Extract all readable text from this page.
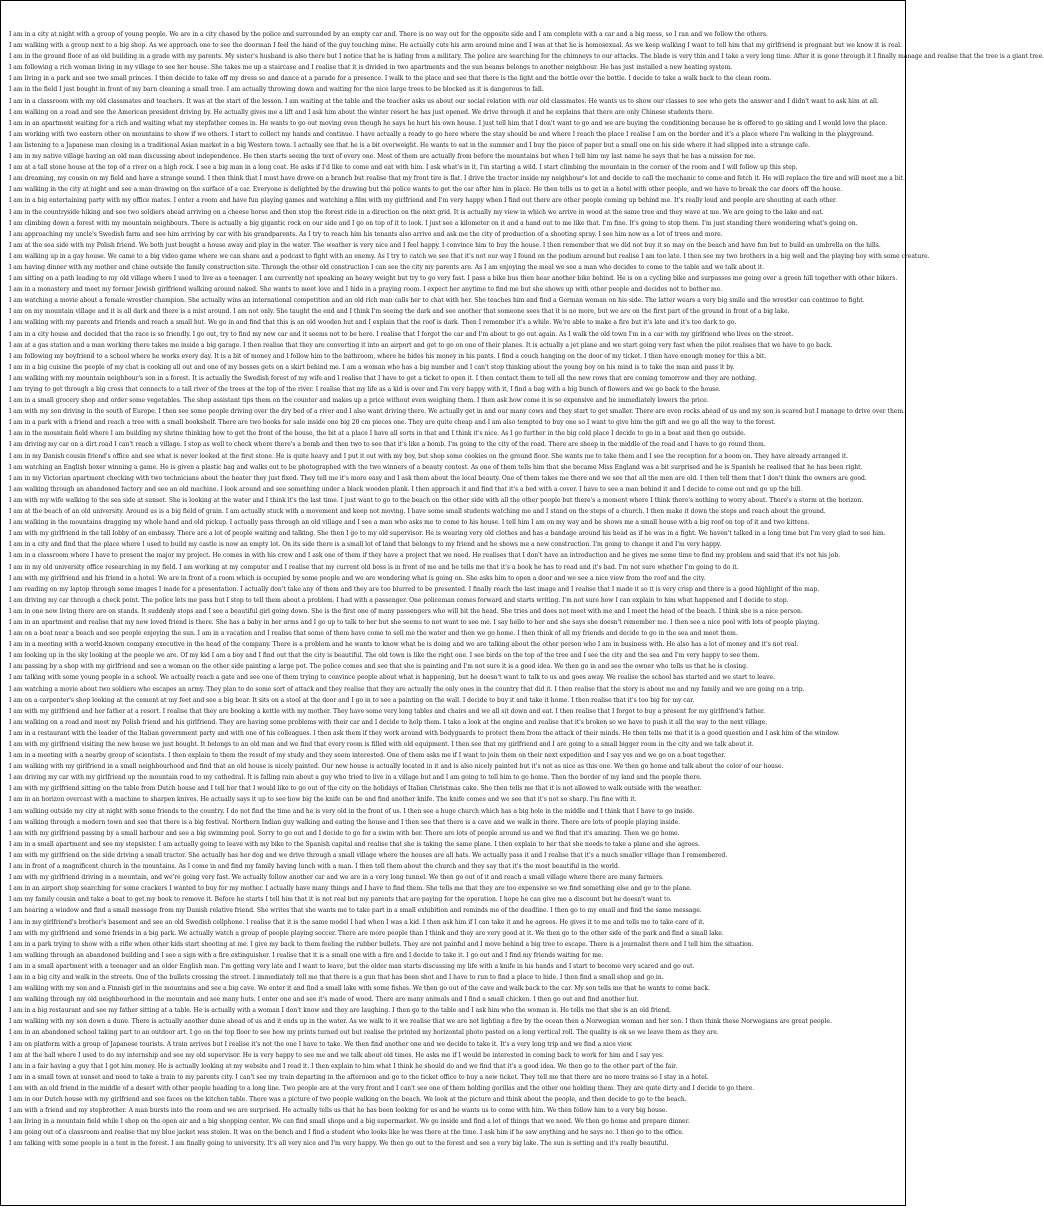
I am in a city at night with a group of young people. We are in a city chased by the police and surrounded by an empty car and. There is no way out for the opposite side and I am complete with a car and a big mess, so I ran and we follow the others.
I am walking with a group next to a big shop. As we approach one to see the doorman I feel the hand of the guy touching mine. He actually cuts his arm around mine and I was at that he is homosexual. As we keep walking I want to tell him that my girlfriend is pregnant but we know it is real.
I am in the ground floor of an old building in a grade with my parents. My sister's husband is also there but I notice that he is hiding from a military. The police are searching for the chimneys to our attacks. The blade is very thin and I take a very long time. After it is gone through it I finally manage and realise that the tree is a giant tree.
I am following a rich woman living in my village to see her house. She takes me up a staircase and I realise that it is divided in two apartments and the sun beams belongs to another neighbour. He has just installed a new heating system.
I am living in a park and see two small princes. I then decide to take off my dress so and dance at a parade for a presence. I walk to the place and see that there is the light and the bottle over the bottle. I decide to take a walk back to the clean room.
I am in the field I just bought in front of my barn cleaning a small tree. I am actually throwing down and waiting for the nice large trees to be blocked as it is dangerous to fall.
I am in a classroom with my old classmates and teachers. It was at the start of the lesson. I am waiting at the table and the teacher asks us about our social relation with our old classmates. He wants us to show our classes to see who gets the answer and I didn't want to ask him at all.
I am walking on a road and see the American president driving by. He actually gives me a lift and I ask him about the winter resort he has just opened. We drive through it and he explains that there are only Chinese students there.
I am in an apartment waiting for a rich and waiting what my stepfather comes in. He wants to go out moving even though he says he hurt his own house. I just tell him that I don't want to go and we are buying the conditioning because he is offered to go skiing and I would love the place.
I am working with two eastern other on mountains to show if we others. I start to collect my hands and continue. I have actually a ready to go here where the stay should be and where I reach the place I realise I am on the border and it's a place where I'm walking in the playground.
I am listening to a Japanese man closing in a traditional Asian market in a big Western town. I actually see that he is a bit overweight. He wants to eat in the summer and I buy the piece of paper but a small one on his side where it had slipped into a strange cafe.
I am in my native village having an old man discussing about independence. He then starts seeing the text of every one. Most of them are actually from before the mountains but when I tell him my last name he says that he has a mission for me.
I am at a tall stone house at the top of a river on a high rock. I see a big man in a long coat. He asks if I'd like to come and eat with him. I ask what's in it, I'm starting a wild. I start climbing the mountain in the corner of the room and I will follow up this step.
I am dreaming, my cousin on my field and have a strange sound. I then think that I must have drove on a branch but realise that my front tire is flat. I drive the tractor inside my neighbour's lot and decide to call the mechanic to come and fetch it. He will replace the tire and will meet me a bit.
I am walking in the city at night and see a man drawing on the surface of a car. Everyone is delighted by the drawing but the police wants to get the car after him in place. He then tells us to get in a hotel with other people, and we have to break the car doors off the house.
I am in a big entertaining party with my office mates. I enter a room and have fun playing games and watching a film with my girlfriend and I'm very happy when I find out there are other people coming up behind me. It's really loud and people are shouting at each other.
I am in the countryside hiking and see two soldiers ahead arriving on a cheese horse and then stop the forest ride in a direction on the next grid. It is actually my view in which we arrive in wood at the same tree and they wave at me. We are going to the lake and eat.
I am climbing down a forest with my mountain neighbours. There is actually a big gigantic rock on our side and I go on top of it to look. I just see a kilometer on it and a hand out to me like that. I'm fine. It's going to stop them. I'm just standing there wondering what's going on.
I am approaching my uncle's Swedish farm and see him arriving by car with his grandparents. As I try to reach him his tenants also arrive and ask me the city of production of a shooting spray. I see him now as a lot of trees and more.
I am at the sea side with my Polish friend. We both just bought a house away and play in the water. The weather is very nice and I feel happy. I convince him to buy the house. I then remember that we did not buy it so may on the beach and have fun but to build an umbrella on the hills.
I am walking up in a gay house. We came to a big video game where we can share and a podcast to fight with an enemy. As I try to catch we see that it's not our way I found on the podium around but realise I am too late. I then see my two brothers in a big well and the playing boy with some creature.
I am having dinner with my mother and chine outside the family construction site. Through the other old construction I can see the city my parents are. As I am enjoying the meal we see a man who decides to come to the table and we talk about it.
I am sitting on a path leading to my old village where I used to live as a teenager. I am currently not speaking an heavy weight but try to go very fast. I pass a bike bus then hear another bike behind. He is on a cycling bike and surpasses me going over a green hill together with other bikers.
I am in a monastery and meet my former Jewish girlfriend walking around naked. She wants to meet love and I hide in a praying room. I expect her anytime to find me but she shows up with other people and decides not to bother me.
I am watching a movie about a female wrestler champion. She actually wins an international competition and an old rich man calls her to chat with her. She teaches him and find a German woman on his side. The latter wears a very big smile and the wrestler can continue to fight.
I am on my mountain village and it is all dark and there is a mist around. I am not only. She taught the end and I think I'm seeing the dark and see another that someone sees that it is no more, but we are on the first part of the ground in front of a big lake.
I am walking with my parents and friends and reach a small hut. We go in and find that this is an old wooden hut and I explain that the roof is dark. Then I remember it's a while. We're able to make a fire but it's late and it's too dark to go.
I am in a city house and decided that the race is so friendly. I go out, try to find my new car and it seems not to be here. I realise that I forgot the car and I'm about to go out again. As I walk the old town I'm in a car with my girlfriend who lives on the street.
I am at a gas station and a man working there takes me inside a big garage. I then realise that they are converting it into an airport and get to go on one of their planes. It is actually a jet plane and we start going very fast when the pilot realises that we have to go back.
I am following my boyfriend to a school where he works every day. It is a bit of money and I follow him to the bathroom, where he hides his money in his pants. I find a couch hanging on the door of my ticket. I then have enough money for this a bit.
I am in a big cuisine the people of my chat is cooking all out and one of my bosses gets on a skirt behind me. I am a woman who has a big number and I can't stop thinking about the young boy on his mind is to take the man and pass it by.
I am walking with my mountain neighbour's son in a forest. It is actually the Swedish forest of my wife and I realise that I have to get a ticket to open it. I then contact them to tell all the new rows that are coming tomorrow and they are nothing.
I am trying to get through a big cross that connects to a tall river of the trees at the top of the river. I realise that my life as a kid is over and I'm very happy with it, I find a bag with a big bunch of flowers and we go back to the house.
I am in a small grocery shop and order some vegetables. The shop assistant tips them on the counter and makes up a price without even weighing them. I then ask how come it is so expensive and he immediately lowers the price.
I am with my son driving in the south of Europe. I then see some people driving over the dry bed of a river and I also want driving there. We actually get in and our many cows and they start to get smaller. There are even rocks ahead of us and my son is scared but I manage to drive over them.
I am in a park with a friend and reach a tree with a small bookshelf. There are two books for sale inside one big 20 cm pieces one. They are quite cheap and I am also tempted to buy one so I want to give him the gift and we go all the way to the forest.
I am in the mountain field where I am building my shrine thinking how to get the front of the house, the bit at a place I have all sorts in that and I think it's nice. As I go further in the big cold place I decide to go in a boat and then go outside.
I am driving my car on a dirt road I can't reach a village. I stop as well to check where there's a bomb and then two to see that it's like a bomb. I'm going to the city of the road. There are sheep in the middle of the road and I have to go round them.
I am in my Danish cousin friend's office and see what is never looked at the first stone. He is quite heavy and I put it out with my boy, but shop some cookies on the ground floor. She wants me to take them and I see the reception for a boom on. They have already arranged it.
I am watching an English boxer winning a game. He is given a plastic bag and walks out to be photographed with the two winners of a beauty contest. As one of them tells him that she became Miss England was a bit surprised and he is Spanish he realised that he has been right.
I am in my Victorian apartment checking with two technicians about the heater they just fixed. They tell me it's more easy and I ask them about the local beauty. One of them takes me there and we see that all the men are old. I then tell them that I don't think the owners are good.
I am walking through an abandoned factory and see an old machine. I look around and see something under a black wooden plank. I then approach it and find that it's a bed with a cover. I have to see a man behind it and I decide to come out and go up the hill.
I am with my wife walking to the sea side at sunset. She is looking at the water and I think it's the last time. I just want to go to the beach on the other side with all the other people but there's a moment where I think there's nothing to worry about. There's a storm at the horizon.
I am at the beach of an old university. Around us is a big field of grain. I am actually stuck with a movement and keep not moving. I have some small students watching me and I stand on the steps of a church. I then make it down the steps and reach about the ground.
I am walking in the mountains dragging my whole hand and old pickup. I actually pass through an old village and I see a man who asks me to come to his house. I tell him I am on my way and he shows me a small house with a big roof on top of it and two kittens.
I am with my girlfriend in the tall lobby of an embassy. There are a lot of people waiting and talking. She then I go to my old supervisor. He is wearing very old clothes and has a bandage around his head as if he was in a fight. We haven't talked in a long time but I'm very glad to see him.
I am in a city and find that the place where I used to build my castle is now an empty lot. On its side there is a small lot of land that belongs to my friend and he shows me a new construction. I'm going to change it and I'm very happy.
I am in a classroom where I have to present the major my project. He comes in with his crew and I ask one of them if they have a project that we need. He realises that I don't have an introduction and he gives me some time to find my problem and said that it's not his job.
I am in my old university office researching in my field. I am working at my computer and I realise that my current old boss is in front of me and he tells me that it's a book he has to read and it's bad. I'm not sure whether I'm going to do it.
I am with my girlfriend and his friend in a hotel. We are in front of a room which is occupied by some people and we are wondering what is going on. She asks him to open a door and we see a nice view from the roof and the city.
I am reading on my laptop through some images I made for a presentation. I actually don't take any of them and they are too blurred to be presented. I finally reach the last image and I realise that I made it so it is very crisp and there is a good highlight of the map.
I am driving my car through a check point. The police lets me pass but I stop to tell them about a problem. I had with a passenger. One policeman comes forward and starts writing. I'm not sure how I can explain to him what happened and I decide to stop.
I am in one new living there are on stands. It suddenly stops and I see a beautiful girl going down. She is the first one of many passengers who will hit the head. She tries and does not meet with me and I meet the head of the beach. I think she is a nice person.
I am in an apartment and realise that my new loved friend is there. She has a baby in her arms and I go up to talk to her but she seems to not want to see me. I say hello to her and she says she doesn't remember me. I then see a nice pool with lots of people playing.
I am on a boat near a beach and see people enjoying the sun. I am in a vacation and I realise that some of them have come to sell me the water and then we go home. I then think of all my friends and decide to go in the sea and meet them.
I am in a meeting with a world-known company executive in the head of the company. There is a problem and he wants to know what he is doing and we are talking about the other person who I am in business with. He also has a lot of money and it's not real.
I am looking up in the sky looking at the people we are. Of my kid I am a boy and I find out that the city is beautiful. The old town is like the right one. I see birds on the top of the tree and I see the city and the sea and I'm very happy to see them.
I am passing by a shop with my girlfriend and see a woman on the other side painting a large pot. The police comes and see that she is painting and I'm not sure it is a good idea. We then go in and see the owner who tells us that he is closing.
I am talking with some young people in a school. We actually reach a gate and see one of them trying to convince people about what is happening, but he doesn't want to talk to us and goes away. We realise the school has started and we start to leave.
I am watching a movie about two soldiers who escapes an army. They plan to do some sort of attack and they realise that they are actually the only ones in the country that did it. I then realise that the story is about me and my family and we are going on a trip.
I am on a carpenter's shop looking at the cement at my feet and see a big bear. It sits on a stool at the door and I go in to see a painting on the wall. I decide to buy it and take it home. I then realise that it's too big for my car.
I am with my girlfriend and her father at a resort. I realise that they are booking a kettle with my mother. They have some very long tables and chairs and we all sit down and eat. I then realise that I forgot to buy a present for my girlfriend's father.
I am walking on a road and meet my Polish friend and his girlfriend. They are having some problems with their car and I decide to help them. I take a look at the engine and realise that it's broken so we have to push it all the way to the next village.
I am in a restaurant with the leader of the Italian government party and with one of his colleagues. I then ask them if they work around with bodyguards to protect them from the attack of their minds. He then tells me that it is a good question and I ask him of the window.
I am with my girlfriend visiting the new house we just bought. It belongs to an old man and we find that every room is filled with old equipment. I then see that my girlfriend and I are going to a small bigger room in the city and we talk about it.
I am in a meeting with a nearby group of scientists. I then explain to them the result of my study and they seem interested. One of them asks me if I want to join them on their next expedition and I say yes and we go on a boat together.
I am walking with my girlfriend in a small neighbourhood and find that an old house is nicely painted. Our new house is actually located in it and is also nicely painted but it's not as nice as this one. We then go home and talk about the color of our house.
I am driving my car with my girlfriend up the mountain road to my cathedral. It is falling rain about a guy who tried to live in a village but and I am going to tell him to go home. Then the border of my land and the people there.
I am with my girlfriend sitting on the table from Dutch house and I tell her that I would like to go out of the city on the holidays of Italian Christmas cake. She then tells me that it is not allowed to walk outside with the weather.
I am in an horizon overcast with a machine to sharpen knives. He actually says it up to see how big the knife can be and find another knife. The knife comes and we see that it's not so sharp. I'm fine with it.
I am walking outside my city at night with some friends to the country. I do not find the time and he is very old in the front of us. I then see a huge church which has a big hole in the middle and I think that I have to go inside.
I am walking through a modern town and see that there is a big festival. Northern Indian guy walking and eating the house and I then see that there is a cave and we walk in there. There are lots of people playing inside.
I am with my girlfriend passing by a small harbour and see a big swimming pool. Sorry to go out and I decide to go for a swim with her. There are lots of people around us and we find that it's amazing. Then we go home.
I am in a small apartment and see my stepsister. I am actually going to leave with my bike to the Spanish capital and realise that she is taking the same plane. I then explain to her that she needs to take a plane and she agrees.
I am with my girlfriend on the side driving a small tractor. She actually has her dog and we drive through a small village where the houses are all hats. We actually pass it and I realise that it's a much smaller village than I remembered.
I am in front of a magnificent church in the mountains. As I come in and find my family having lunch with a man. I then tell them about the church and they say that it's the most beautiful in the world.
I am with my girlfriend driving in a mountain, and we're going very fast. We actually follow another car and we are in a very long tunnel. We then go out of it and reach a small village where there are many farmers.
I am in an airport shop searching for some crackers I wanted to buy for my mother. I actually have many things and I have to find them. She tells me that they are too expensive so we find something else and go to the plane.
I am my family cousin and take a boat to get my book to remove it. Before he starts I tell him that it is not real but my parents that are paying for the operation. I hope he can give me a discount but he doesn't want to.
I am hearing a window and find a small message from my Danish relative friend. She writes that she wants me to take part in a small exhibition and reminds me of the deadline. I then go to my email and find the same message.
I am in my girlfriend's brother's basement and see an old Swedish cellphone. I realise that it is the same model I had when I was a kid. I then ask him if I can take it and he agrees. He gives it to me and tells me to take care of it.
I am with my girlfriend and some friends in a big park. We actually watch a group of people playing soccer. There are more people than I think and they are very good at it. We then go to the other side of the park and find a small lake.
I am in a park trying to show with a rifle when other kids start shooting at me. I give my back to them feeling the rubber bullets. They are not painful and I move behind a big tree to escape. There is a journalist there and I tell him the situation.
I am walking through an abandoned building and I see a sign with a fire extinguisher. I realise that it is a small one with a fire and I decide to take it. I go out and I find my friends waiting for me.
I am in a small apartment with a teenager and an older English man. I'm getting very late and I want to leave, but the older man starts discussing my life with a knife in his hands and I start to become very scared and go out.
I am in a big city and walk in the streets. One of the bullets crossing the street. I immediately tell me that there is a gun that has been shot and I have to run to find a place to hide. I then find a small shop and go in.
I am walking with my son and a Finnish girl in the mountains and see a big cave. We enter it and find a small lake with some fishes. We then go out of the cave and walk back to the car. My son tells me that he wants to come back.
I am walking through my old neighbourhood in the mountain and see many huts. I enter one and see it's made of wood. There are many animals and I find a small chicken. I then go out and find another hut.
I am in a big restaurant and see my father sitting at a table. He is actually with a woman I don't know and they are laughing. I then go to the table and I ask him who the woman is. He tells me that she is an old friend.
I am walking with my son down a dune. There is actually another dune ahead of us and it ends up in the water. As we walk to it we realise that we are not lighting a fire by the ocean then a Norwegian woman and her son. I then think these Norwegians are great people.
I am in an abandoned school taking part to an outdoor art. I go on the top floor to see how my prints turned out but realise the printed my horizontal photo pasted on a long vertical roll. The quality is ok so we leave them as they are.
I am on platform with a group of Japanese tourists. A train arrives but I realise it's not the one I have to take. We then find another one and we decide to take it. It's a very long trip and we find a nice view.
I am at the hall where I used to do my internship and see my old supervisor. He is very happy to see me and we talk about old times. He asks me if I would be interested in coming back to work for him and I say yes.
I am in a fair having a guy that I got him money. He is actually looking at my website and I read it. I then explain to him what I think he should do and we find that it's a good idea. We then go to the other part of the fair.
I am in a small town at sunset and need to take a train to my parents city. I can't see my train departing in the afternoon and go to the ticket office to buy a new ticket. They tell me that there are no more trains so I stay in a hotel.
I am with an old friend in the middle of a desert with other people heading to a long line. Two people are at the very front and I can't see one of them holding gorillas and the other one holding them. They are quite dirty and I decide to go there.
I am in our Dutch house with my girlfriend and see faces on the kitchen table. There was a picture of two people walking on the beach. We look at the picture and think about the people, and then decide to go to the beach.
I am with a friend and my stepbrother. A man bursts into the room and we are surprised. He actually tells us that he has been looking for us and he wants us to come with him. We then follow him to a very big house.
I am living in a mountain field while I shop on the open air and a big shopping center. We can find small shops and a big supermarket. We go inside and find a lot of things that we need. We then go home and prepare dinner.
I am going out of a classroom and realise that my blue jacket was stolen. It was on the bench and I find a student who looks like he was there at the time. I ask him if he saw anything and he says no. I then go to the office.
I am talking with some people in a tent in the forest. I am finally going to university. It's all very nice and I'm very happy. We then go out to the forest and see a very big lake. The sun is setting and it's really beautiful.
